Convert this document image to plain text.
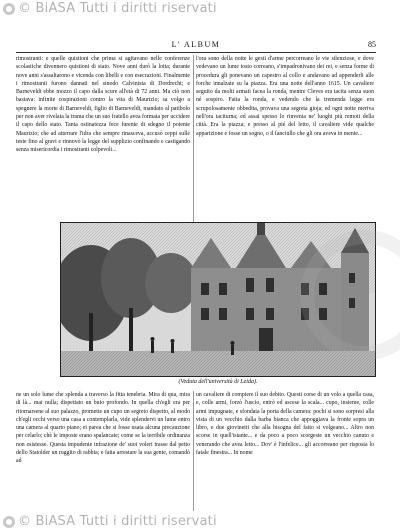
© BiASA Tutti i diritti riservati
L' ALBUM	85
rimostranti: e quelle quistioni che prima si agitavano nelle conferenze scolastiche divennero quistioni di stato. Nove anni durò la lotta; durante nove anni s'assaltarono e vicenda con libelli e con esecrazioni. Finalmente i rimostranti furono dannati nel sinodo Calvinista di Dordrecht; e Barneveldt ebbe mozzo il capo dalla scure all'età di 72 anni. Ma ciò non bastava: infinite cospirazioni contro la vita di Maurizio; sa volgo a spegnere la morte di Barneveldt, figlio di Barneveldt, mandato al patibolo per non aver rivelata la trama che un suo fratello avea formata per uccidere il capo dello stato. Tanta ostinatezza fece furente di sdegno il potente Maurizio; che ad atterrare l'idra che sempre rinasceva, accusò ceppi sulle teste fino al gravi e rinnovò la legge del supplizio confinando e castigando senza misericordia i rimostranti colpevoli...
l'ora sono della notte le gesti d'arme percorreano le vie silenziose, e dove vedevano un lume tosto correano, s'impadronivano dei rei, e senza forme di procedura gli ponevano un capestro al collo e andavano ad appenderli alle forche innalzate su la piazza. Era una notte dell'anno 1615. Un cavaliere seguito da molti armati facea la ronda, mentre Cleves era tacita senza suon né sospiro. Fatta la ronda, e vedendo che la tremenda legge era scrupolosamente obbedita, provava una segreta gioja; ed ogni notte meriva nell'ora taciturna; ed assai spesso lo rinvenia ne' luoghi più remoti della città. Era la piazza; e presso al pié del letto, il cavaliere vide qualche apparizione e fosse un sogno, o il fanciullo che gli ora aveva in mente...
(Veduta dell'università di Leida).
ne un solo lume che splenda a traverso la fitta tenebria. Mira di qua, mira di là... mai nulla; dispettato un buio profondo. In quella ch'egli era per ritornarsene al suo palazzo, promette un cupo un segreto dispetto, al modo ch'egli occhi verso una casa a contemplarla, vide splendervi un lume entro una camera al quarto piano; ei parea che si fosse usata alcuna precauzione per celarlo; chè le imposte erano spalancate; come se la terribile ordinanza non esistesse. Questa impudente infrazione de' suoi voleri trasse dal petto dello Statolder un ruggito di rabbia; e fatta arrestare la sua gente, comandò ad
un cavaliere di compiere il suo debito. Questi corse di un volo a quella casa, e, colle armi, forzò l'uscio, entrò ed ascese la scala... cupo, insieme, colle armi impugnate, e sfondata la porta della camera: pochi si sono sorpresi alla vista di un vecchio dalla barba bianca che appoggiava la fronte sopra un libro, e due giovinetti che alla bisogna del fatto si volgeano... Altro non scorse in quell'istante... e da poco a poco scorgeste un vecchio canuto e venerando che avea letto... Dov' è l'infelice... gli accorreano per risposta lo fatale finestra... In nome
© BiASA Tutti i diritti riservati
